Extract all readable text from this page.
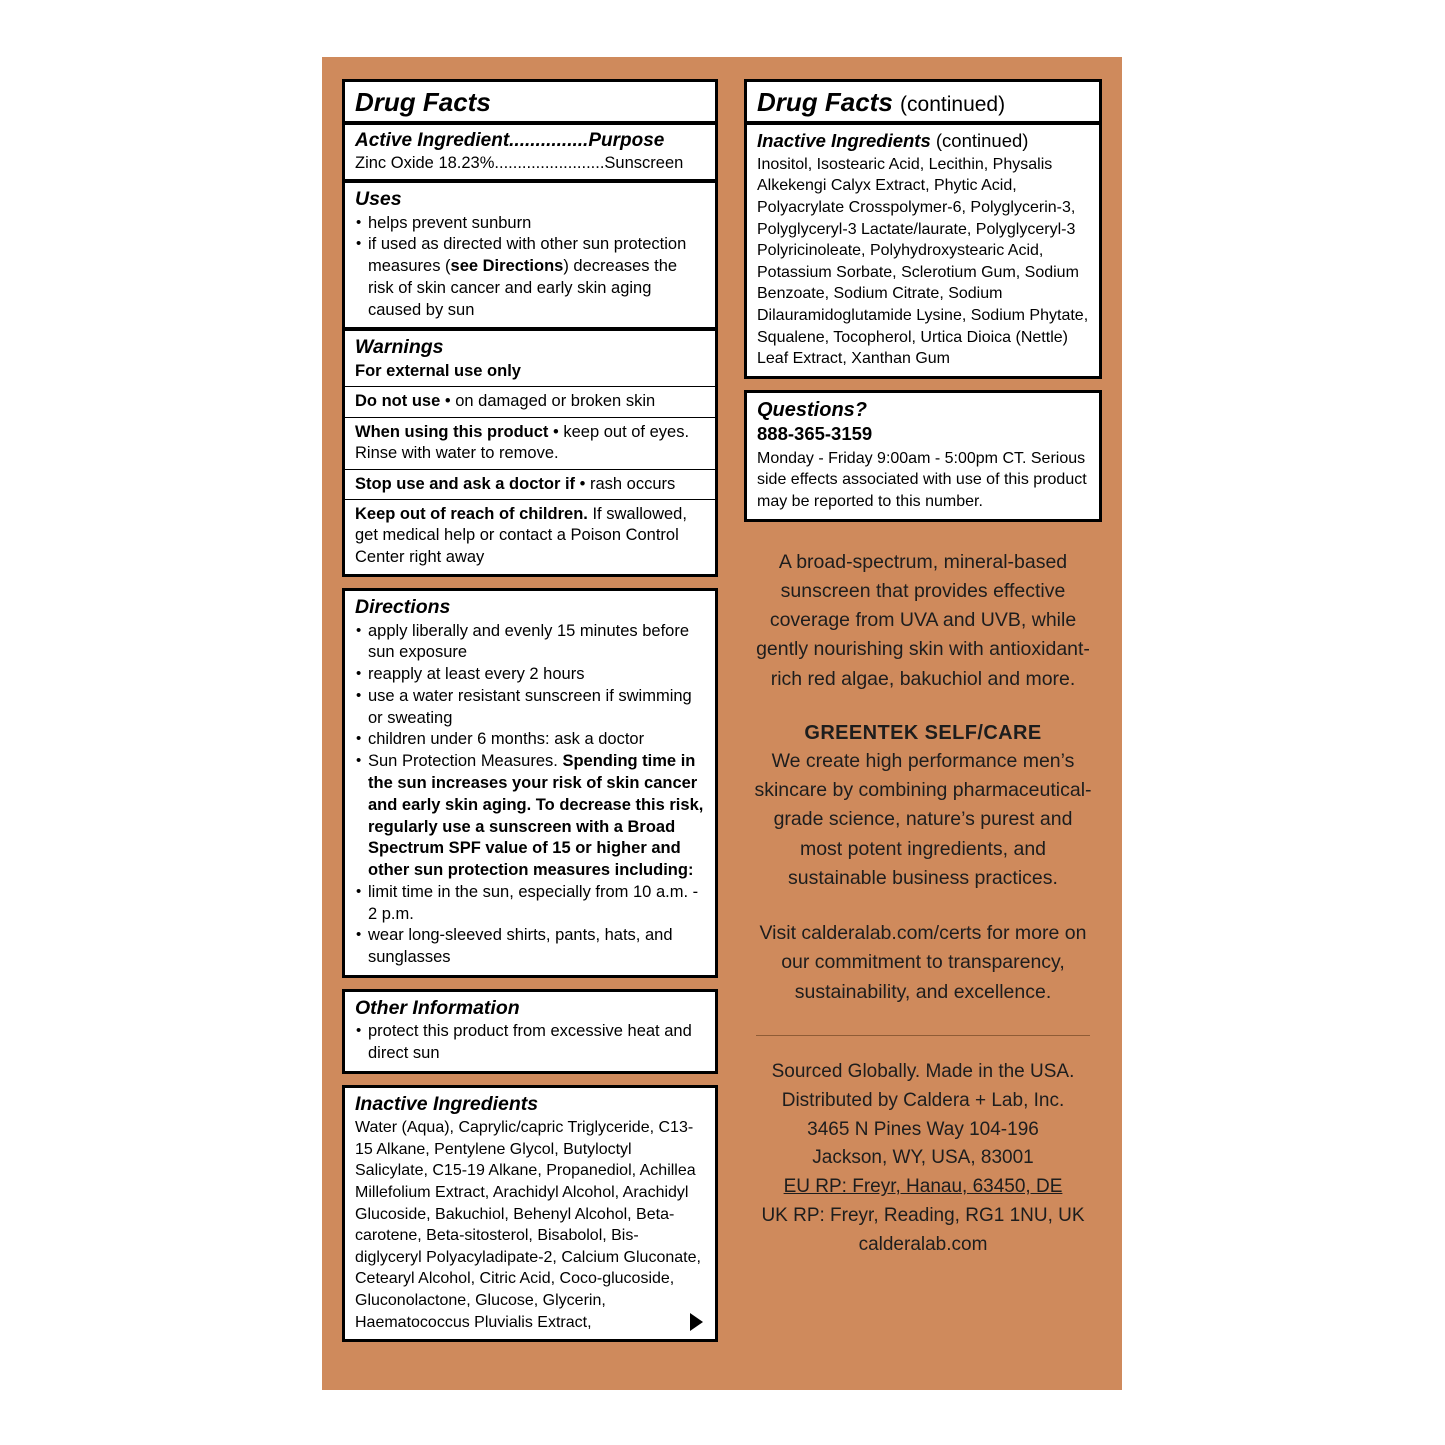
Drug Facts
Active Ingredient...............Purpose
Zinc Oxide 18.23%........................Sunscreen
Uses
• helps prevent sunburn
• if used as directed with other sun protection measures (see Directions) decreases the risk of skin cancer and early skin aging caused by sun
Warnings
For external use only
Do not use • on damaged or broken skin
When using this product • keep out of eyes. Rinse with water to remove.
Stop use and ask a doctor if • rash occurs
Keep out of reach of children. If swallowed, get medical help or contact a Poison Control Center right away
Directions
• apply liberally and evenly 15 minutes before sun exposure
• reapply at least every 2 hours
• use a water resistant sunscreen if swimming or sweating
• children under 6 months: ask a doctor
• Sun Protection Measures. Spending time in the sun increases your risk of skin cancer and early skin aging. To decrease this risk, regularly use a sunscreen with a Broad Spectrum SPF value of 15 or higher and other sun protection measures including:
• limit time in the sun, especially from 10 a.m. - 2 p.m.
• wear long-sleeved shirts, pants, hats, and sunglasses
Other Information
• protect this product from excessive heat and direct sun
Inactive Ingredients
Water (Aqua), Caprylic/capric Triglyceride, C13-15 Alkane, Pentylene Glycol, Butyloctyl Salicylate, C15-19 Alkane, Propanediol, Achillea Millefolium Extract, Arachidyl Alcohol, Arachidyl Glucoside, Bakuchiol, Behenyl Alcohol, Beta-carotene, Beta-sitosterol, Bisabolol, Bis-diglyceryl Polyacyladipate-2, Calcium Gluconate, Cetearyl Alcohol, Citric Acid, Coco-glucoside, Gluconolactone, Glucose, Glycerin, Haematococcus Pluvialis Extract,
Drug Facts (continued)
Inactive Ingredients (continued)
Inositol, Isostearic Acid, Lecithin, Physalis Alkekengi Calyx Extract, Phytic Acid, Polyacrylate Crosspolymer-6, Polyglycerin-3, Polyglyceryl-3 Lactate/laurate, Polyglyceryl-3 Polyricinoleate, Polyhydroxystearic Acid, Potassium Sorbate, Sclerotium Gum, Sodium Benzoate, Sodium Citrate, Sodium Dilauramidoglutamide Lysine, Sodium Phytate, Squalene, Tocopherol, Urtica Dioica (Nettle) Leaf Extract, Xanthan Gum
Questions?
888-365-3159
Monday - Friday 9:00am - 5:00pm CT. Serious side effects associated with use of this product may be reported to this number.

A broad-spectrum, mineral-based sunscreen that provides effective coverage from UVA and UVB, while gently nourishing skin with antioxidant-rich red algae, bakuchiol and more.

GREENTEK SELF/CARE

We create high performance men’s skincare by combining pharmaceutical-grade science, nature’s purest and most potent ingredients, and sustainable business practices.

Visit calderalab.com/certs for more on our commitment to transparency, sustainability, and excellence.

Sourced Globally. Made in the USA.
Distributed by Caldera + Lab, Inc.
3465 N Pines Way 104-196
Jackson, WY, USA, 83001
EU RP: Freyr, Hanau, 63450, DE
UK RP: Freyr, Reading, RG1 1NU, UK
calderalab.com
